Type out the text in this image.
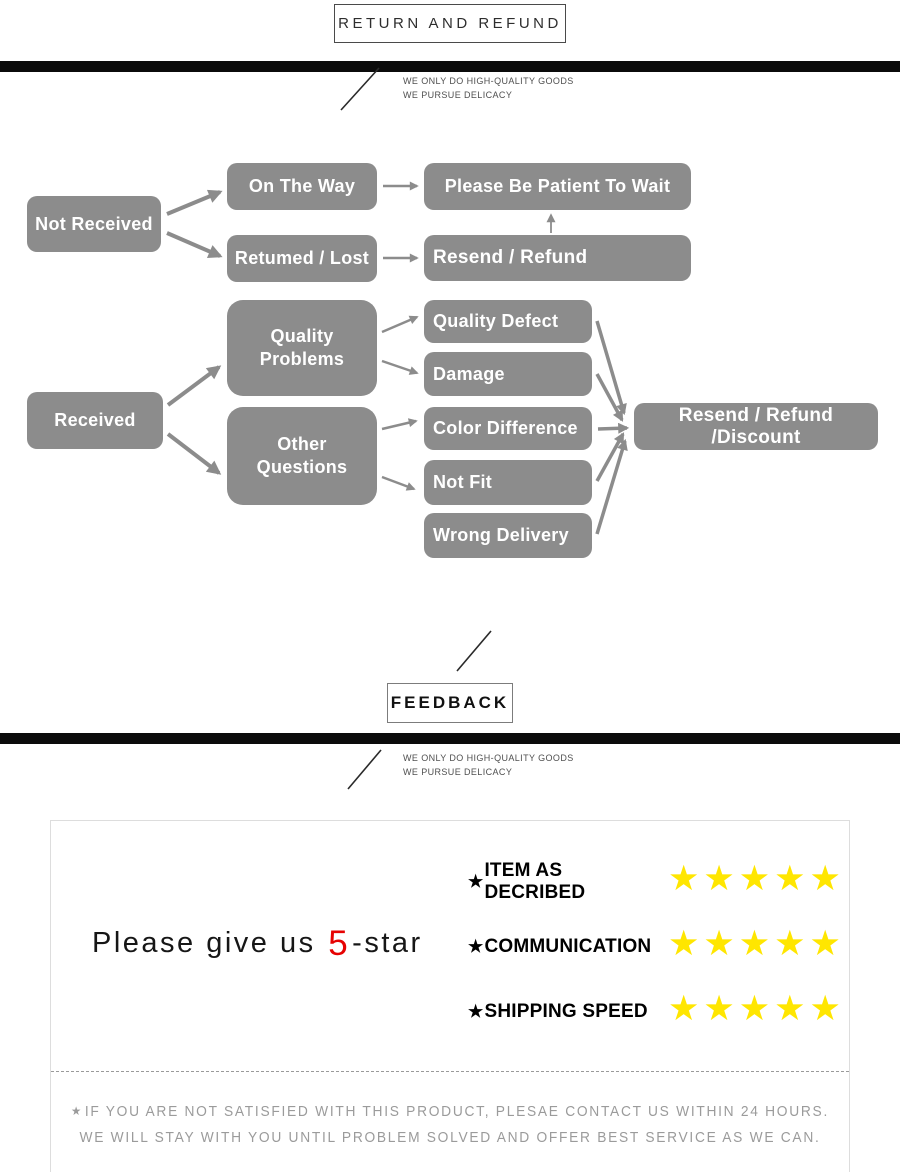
RETURN AND REFUND
WE ONLY DO HIGH-QUALITY GOODS
WE PURSUE DELICACY
Not Received
On The Way	Please Be Patient To Wait
Retumed / Lost	Resend / Refund
Received
Quality
Problems
Other
Questions
Quality Defect
Damage
Color Difference
Not Fit
Wrong Delivery
Resend / Refund /Discount
FEEDBACK
WE ONLY DO HIGH-QUALITY GOODS
WE PURSUE DELICACY
Please give us 5-star
★
ITEM AS DECRIBED	★★★★★
★ COMMUNICATION ★★★★★
★ SHIPPING SPEED ★★★★★
★ IF YOU ARE NOT SATISFIED WITH THIS PRODUCT, PLESAE CONTACT US WITHIN 24 HOURS.
WE WILL STAY WITH YOU UNTIL PROBLEM SOLVED AND OFFER BEST SERVICE AS WE CAN.
